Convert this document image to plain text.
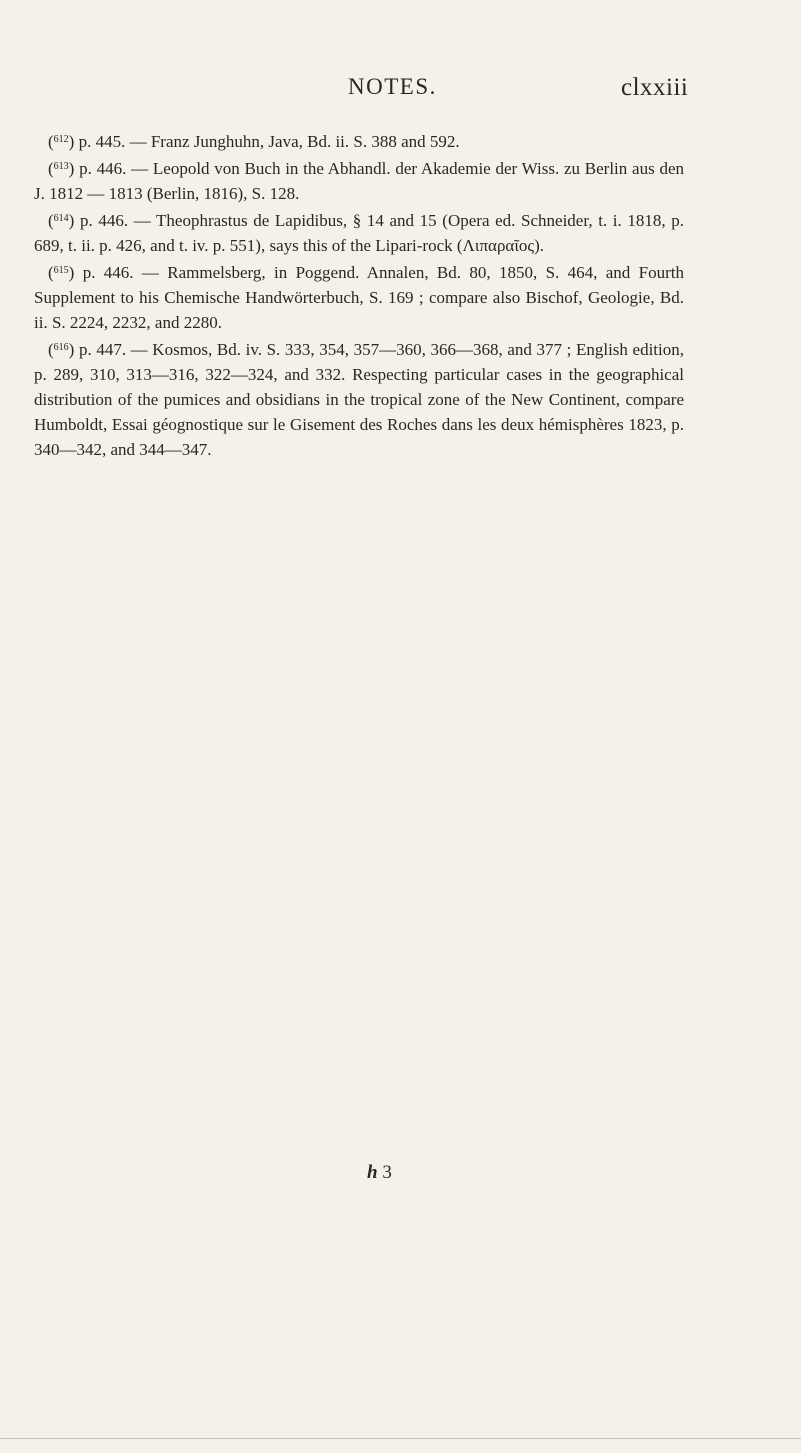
NOTES.	clxxiii

($^{612}$) p. 445. — Franz Junghuhn, Java, Bd. ii. S. 388 and 592.

($^{613}$) p. 446. — Leopold von Buch in the Abhandl. der Akademie der Wiss. zu Berlin aus den J. 1812 — 1813 (Berlin, 1816), S. 128.

($^{614}$) p. 446. — Theophrastus de Lapidibus, § 14 and 15 (Opera ed. Schneider, t. i. 1818, p. 689, t. ii. p. 426, and t. iv. p. 551), says this of the Lipari-rock (Λιπαραῖος).

($^{615}$) p. 446. — Rammelsberg, in Poggend. Annalen, Bd. 80, 1850, S. 464, and Fourth Supplement to his Chemische Handwörterbuch, S. 169 ; compare also Bischof, Geologie, Bd. ii. S. 2224, 2232, and 2280.

($^{616}$) p. 447. — Kosmos, Bd. iv. S. 333, 354, 357—360, 366—368, and 377 ; English edition, p. 289, 310, 313—316, 322—324, and 332. Respecting particular cases in the geographical distribution of the pumices and obsidians in the tropical zone of the New Continent, compare Humboldt, Essai géognostique sur le Gisement des Roches dans les deux hémisphères 1823, p. 340—342, and 344—347.

h 3
